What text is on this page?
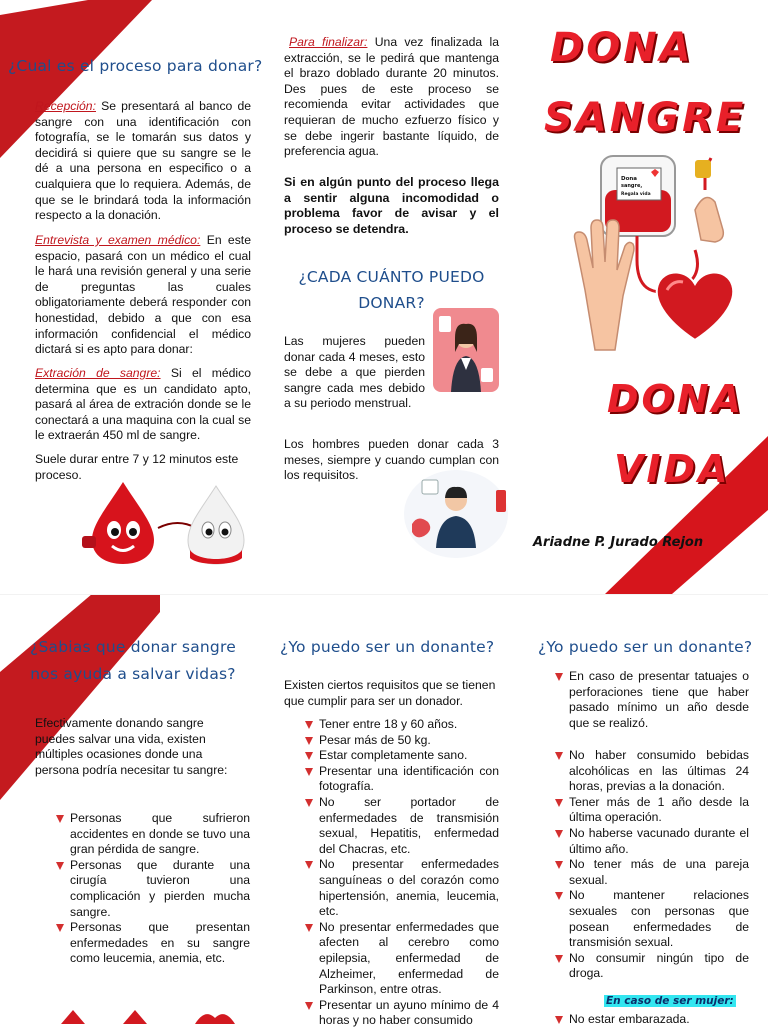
¿Cual es el proceso para donar?
Recepción: Se presentará al banco de sangre con una identificación con fotografía, se le tomarán sus datos y decidirá si quiere que su sangre se le dé a una persona en especifico o a cualquiera que lo requiera. Además, de que se le brindará toda la información respecto a la donación.
Entrevista y examen médico: En este espacio, pasará con un médico el cual le hará una revisión general y una serie de preguntas las cuales obligatoriamente deberá responder con honestidad, debido a que con esa información confidencial el médico dictará si es apto para donar:
Extración de sangre: Si el médico determina que es un candidato apto, pasará al área de extración donde se le conectará a una maquina con la cual se le extraerán 450 ml de sangre.
Suele durar entre 7 y 12 minutos este proceso.
Para finalizar: Una vez finalizada la extracción, se le pedirá que mantenga el brazo doblado durante 20 minutos. Des pues de este proceso se recomienda evitar actividades que requieran de mucho ezfuerzo físico y se debe ingerir bastante líquido, de preferencia agua.
Si en algún punto del proceso llega a sentir alguna incomodidad o problema favor de avisar y el proceso se detendra.
¿CADA CUÁNTO PUEDO DONAR?
Las mujeres pueden donar cada 4 meses, esto se debe a que pierden sangre cada mes debido a su periodo menstrual.
Los hombres pueden donar cada 3 meses, siempre y cuando cumplan con los requisitos.
DONA
SANGRE
Dona
sangre,
Regala vida
DONA
VIDA
Ariadne P. Jurado Rejon
¿Sabias que donar sangre nos ayuda a salvar vidas?
Efectivamente donando sangre puedes salvar una vida, existen múltiples ocasiones donde una persona podría necesitar tu sangre:
Personas que sufrieron accidentes en donde se tuvo una gran pérdida de sangre.
Personas que durante una cirugía tuvieron una complicación y pierden mucha sangre.
Personas que presentan enfermedades en su sangre como leucemia, anemia, etc.
¿Yo puedo ser un donante?
Existen ciertos requisitos que se tienen que cumplir para ser un donador.
Tener entre 18 y 60 años.
Pesar más de 50 kg.
Estar completamente sano.
Presentar una identificación con fotografía.
No ser portador de enfermedades de transmisión sexual, Hepatitis, enfermedad del Chacras, etc.
No presentar enfermedades sanguíneas o del corazón como hipertensión, anemia, leucemia, etc.
No presentar enfermedades que afecten al cerebro como epilepsia, enfermedad de Alzheimer, enfermedad de Parkinson, entre otras.
Presentar un ayuno mínimo de 4 horas y no haber consumido
¿Yo puedo ser un donante?
En caso de presentar tatuajes o perforaciones tiene que haber pasado mínimo un año desde que se realizó.
No haber consumido bebidas alcohólicas en las últimas 24 horas, previas a la donación.
Tener más de 1 año desde la última operación.
No haberse vacunado durante el último año.
No tener más de una pareja sexual.
No mantener relaciones sexuales con personas que posean enfermedades de transmisión sexual.
No consumir ningún tipo de droga.
En caso de ser mujer:
No estar embarazada.
